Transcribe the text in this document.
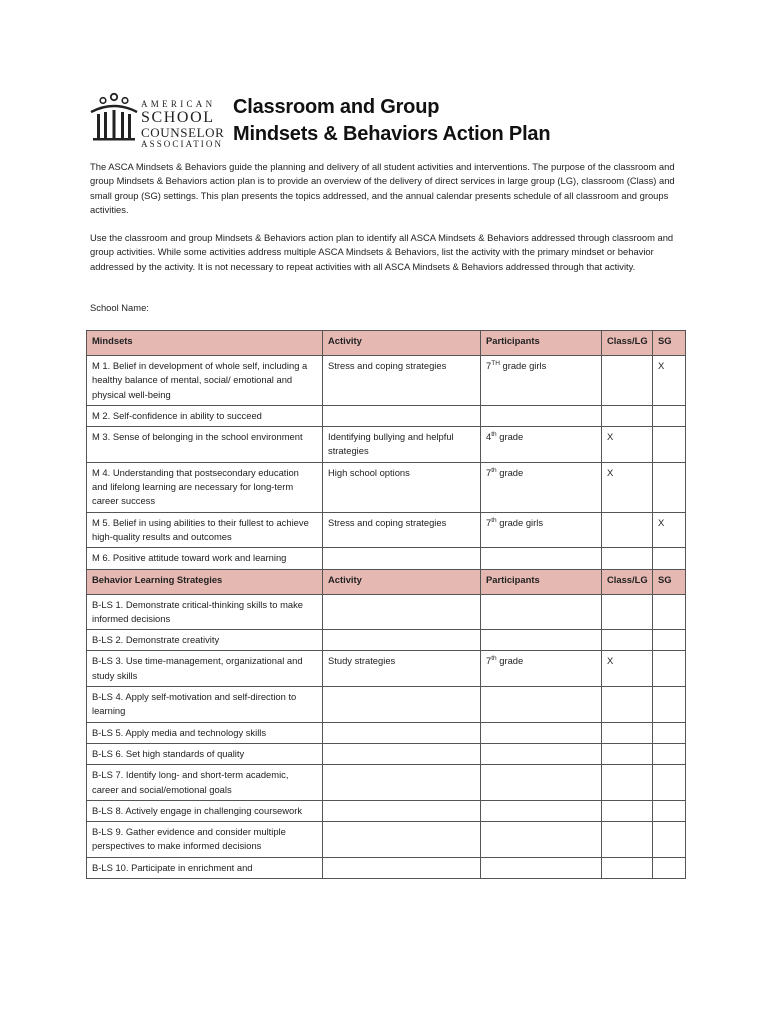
AMERICAN
SCHOOL
COUNSELOR
ASSOCIATION
Classroom and Group
Mindsets & Behaviors Action Plan
The ASCA Mindsets & Behaviors guide the planning and delivery of all student activities and interventions. The purpose of the classroom and group Mindsets & Behaviors action plan is to provide an overview of the delivery of direct services in large group (LG), classroom (Class) and small group (SG) settings. This plan presents the topics addressed, and the annual calendar presents schedule of all classroom and groups activities.
Use the classroom and group Mindsets & Behaviors action plan to identify all ASCA Mindsets & Behaviors addressed through classroom and group activities. While some activities address multiple ASCA Mindsets & Behaviors, list the activity with the primary mindset or behavior addressed by the activity. It is not necessary to repeat activities with all ASCA Mindsets & Behaviors addressed through that activity.
School Name:
Mindsets	Activity	Participants	Class/LG	SG
M 1. Belief in development of whole self, including a healthy balance of mental, social/ emotional and physical well-being	Stress and coping strategies	7TH grade girls		X
M 2. Self-confidence in ability to succeed				
M 3. Sense of belonging in the school environment	Identifying bullying and helpful strategies	4th grade	X	
M 4. Understanding that postsecondary education and lifelong learning are necessary for long-term career success	High school options	7th grade	X	
M 5. Belief in using abilities to their fullest to achieve high-quality results and outcomes	Stress and coping strategies	7th grade girls		X
M 6. Positive attitude toward work and learning				
Behavior Learning Strategies	Activity	Participants	Class/LG	SG
B-LS 1. Demonstrate critical-thinking skills to make informed decisions				
B-LS 2. Demonstrate creativity				
B-LS 3. Use time-management, organizational and study skills	Study strategies	7th grade	X	
B-LS 4. Apply self-motivation and self-direction to learning				
B-LS 5. Apply media and technology skills				
B-LS 6. Set high standards of quality				
B-LS 7. Identify long- and short-term academic, career and social/emotional goals				
B-LS 8. Actively engage in challenging coursework				
B-LS 9. Gather evidence and consider multiple perspectives to make informed decisions				
B-LS 10. Participate in enrichment and				
